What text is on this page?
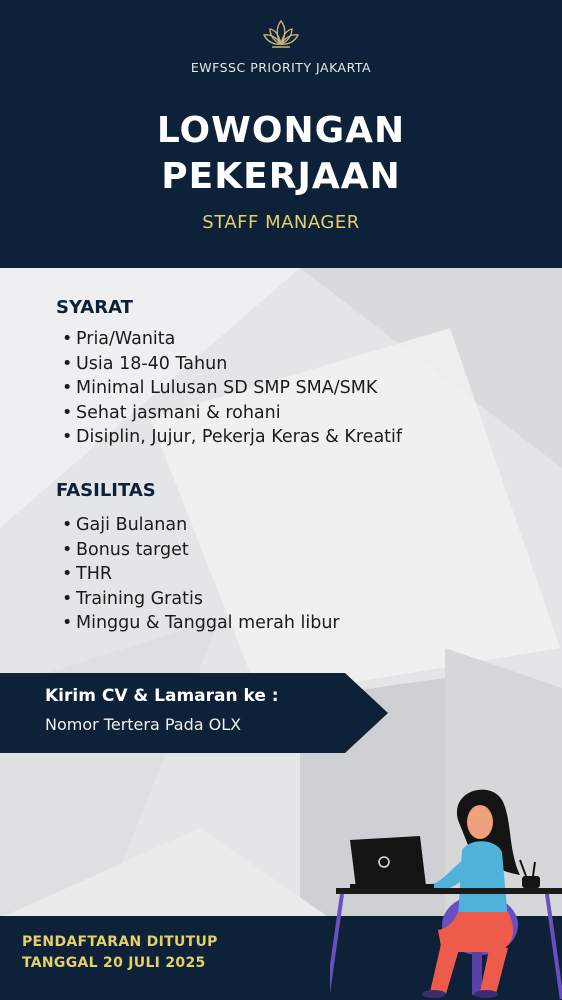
EWFSSC PRIORITY JAKARTA
LOWONGAN
PEKERJAAN
STAFF MANAGER
SYARAT
• Pria/Wanita
• Usia 18-40 Tahun
• Minimal Lulusan SD SMP SMA/SMK
• Sehat jasmani & rohani
• Disiplin, Jujur, Pekerja Keras & Kreatif
FASILITAS
• Gaji Bulanan
• Bonus target
• THR
• Training Gratis
• Minggu & Tanggal merah libur
Kirim CV & Lamaran ke :
Nomor Tertera Pada OLX
PENDAFTARAN DITUTUP
TANGGAL 20 JULI 2025
